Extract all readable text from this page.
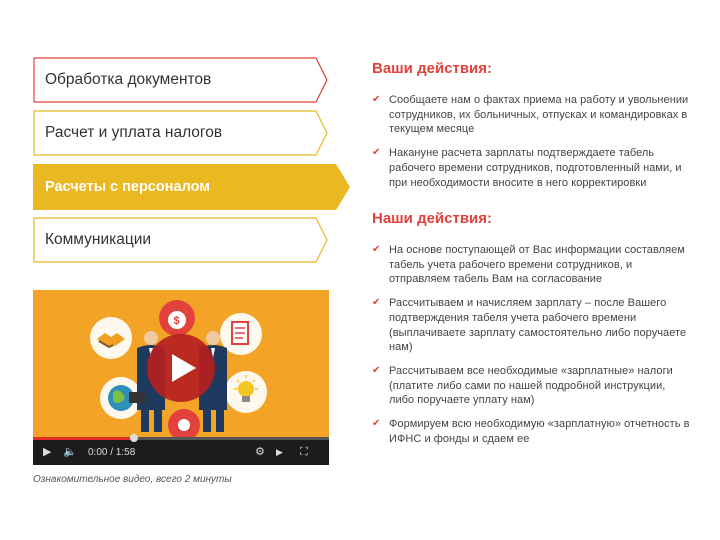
Обработка документов
Расчет и уплата налогов
Расчеты с персоналом
Коммуникации
$
▶ 🔈 0:00 / 1:58	⚙ ▶ ⛶
Ознакомительное видео, всего 2 минуты
Ваши действия:
✔ Сообщаете нам о фактах приема на работу и увольнении сотрудников, их больничных, отпусках и командировках в текущем месяце
✔ Накануне расчета зарплаты подтверждаете табель рабочего времени сотрудников, подготовленный нами, и при необходимости вносите в него корректировки
Наши действия:
✔ На основе поступающей от Вас информации составляем табель учета рабочего времени сотрудников, и отправляем табель Вам на согласование
✔ Рассчитываем и начисляем зарплату – после Вашего подтверждения табеля учета рабочего времени (выплачиваете зарплату самостоятельно либо поручаете нам)
✔ Рассчитываем все необходимые «зарплатные» налоги (платите либо сами по нашей подробной инструкции, либо поручаете уплату нам)
✔ Формируем всю необходимую «зарплатную» отчетность в ИФНС и фонды и сдаем ее
